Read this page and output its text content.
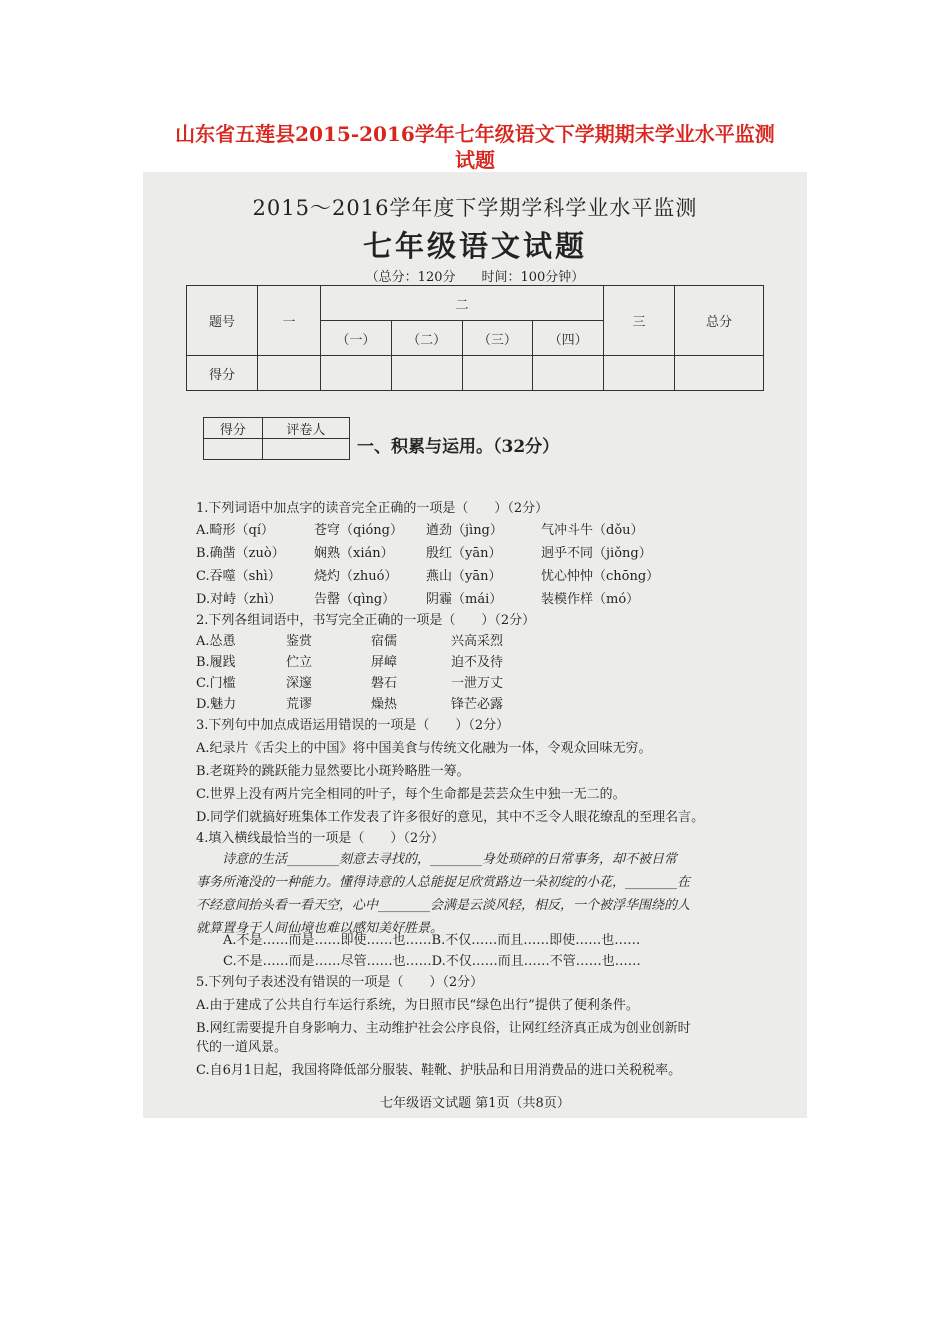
山东省五莲县2015-2016学年七年级语文下学期期末学业水平监测
试题
2015～2016学年度下学期学科学业水平监测
七年级语文试题
（总分：120分　　时间：100分钟）
题号	一	二				三	总分
		（一）	（二）	（三）	（四）		
得分							
得分	评卷人

一、积累与运用。（32分）
1.下列词语中加点字的读音完全正确的一项是（　　）（2分）
A.畸形（qí）	苍穹（qióng） 遒劲（jìng）	气冲斗牛（dǒu）
B.确凿（zuò） 娴熟（xián） 殷红（yān）	迥乎不同（jiǒng）
C.吞噬（shì）	烧灼（zhuó） 燕山（yān）	忧心忡忡（chōng）
D.对峙（zhì）	告罄（qìng） 阴霾（mái）	装模作样（mó）
2.下列各组词语中，书写完全正确的一项是（　　）（2分）
A.怂恿	鉴赏	宿儒	兴高采烈
B.履践	伫立	屏嶂	迫不及待
C.门槛	深邃	磐石	一泄万丈
D.魅力	荒谬	燥热	锋芒必露
3.下列句中加点成语运用错误的一项是（　　）（2分）
A.纪录片《舌尖上的中国》将中国美食与传统文化融为一体，令观众回味无穷。
B.老斑羚的跳跃能力显然要比小斑羚略胜一筹。
C.世界上没有两片完全相同的叶子，每个生命都是芸芸众生中独一无二的。
D.同学们就搞好班集体工作发表了许多很好的意见，其中不乏令人眼花缭乱的至理名言。
4.填入横线最恰当的一项是（　　）（2分）
诗意的生活________刻意去寻找的，________身处琐碎的日常事务，却不被日常
事务所淹没的一种能力。懂得诗意的人总能捉足欣赏路边一朵初绽的小花，________在
不经意间抬头看一看天空，心中________会满是云淡风轻，相反，一个被浮华围绕的人
就算置身于人间仙境也难以感知美好胜景。
A.不是……而是……即使……也……B.不仅……而且……即使……也……
C.不是……而是……尽管……也……D.不仅……而且……不管……也……
5.下列句子表述没有错误的一项是（　　）（2分）
A.由于建成了公共自行车运行系统，为日照市民“绿色出行”提供了便利条件。
B.网红需要提升自身影响力、主动维护社会公序良俗，让网红经济真正成为创业创新时
代的一道风景。
C.自6月1日起，我国将降低部分服装、鞋靴、护肤品和日用消费品的进口关税税率。
七年级语文试题 第1页（共8页）
